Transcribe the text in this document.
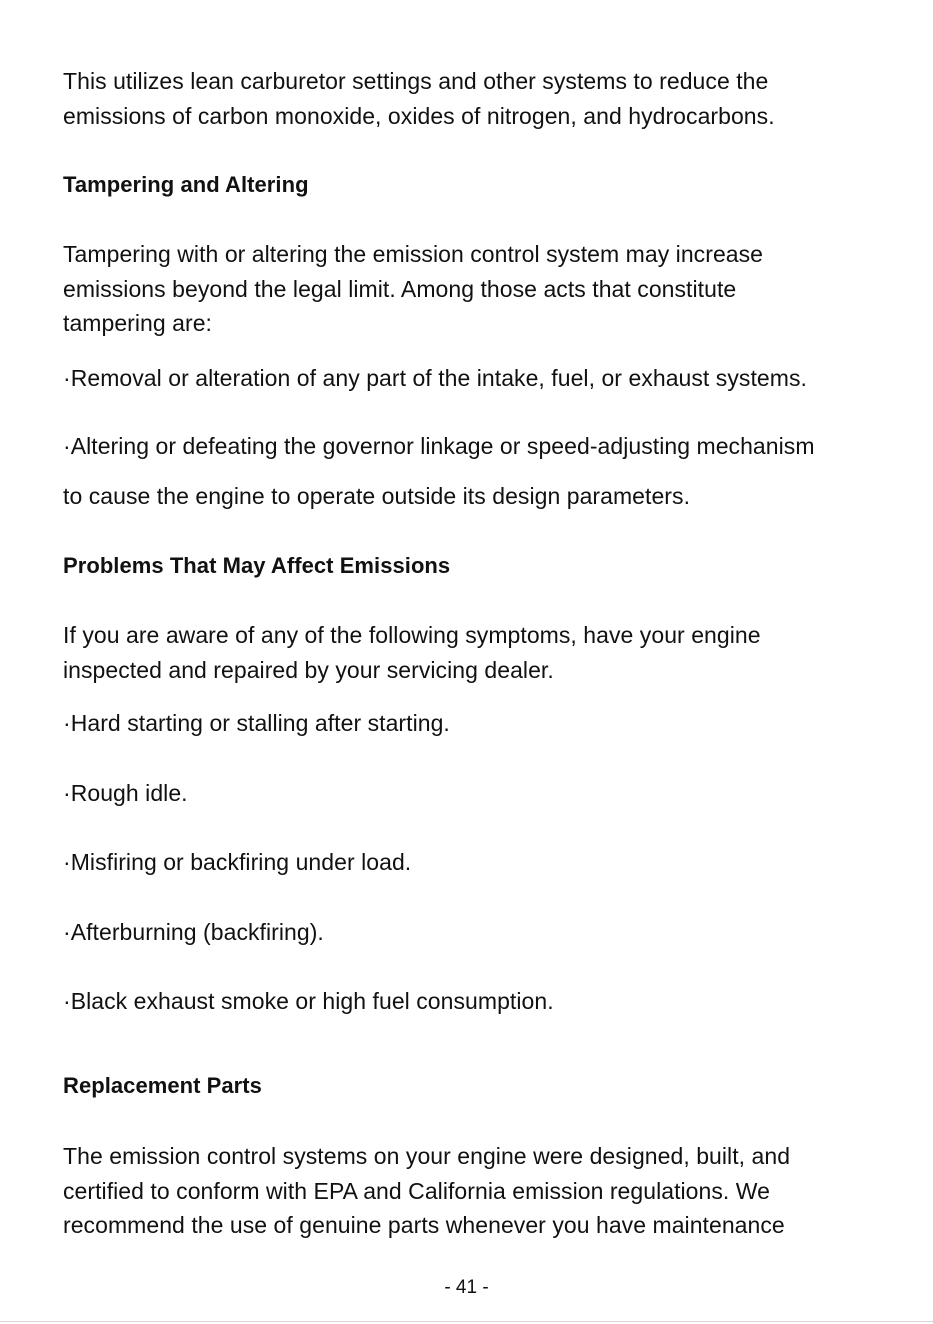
This utilizes lean carburetor settings and other systems to reduce the
emissions of carbon monoxide, oxides of nitrogen, and hydrocarbons.
Tampering and Altering
Tampering with or altering the emission control system may increase
emissions beyond the legal limit. Among those acts that constitute
tampering are:
·Removal or alteration of any part of the intake, fuel, or exhaust systems.
·Altering or defeating the governor linkage or speed-adjusting mechanism
to cause the engine to operate outside its design parameters.
Problems That May Affect Emissions
If you are aware of any of the following symptoms, have your engine
inspected and repaired by your servicing dealer.
·Hard starting or stalling after starting.
·Rough idle.
·Misfiring or backfiring under load.
·Afterburning (backfiring).
·Black exhaust smoke or high fuel consumption.
Replacement Parts
The emission control systems on your engine were designed, built, and
certified to conform with EPA and California emission regulations. We
recommend the use of genuine parts whenever you have maintenance
- 41 -
